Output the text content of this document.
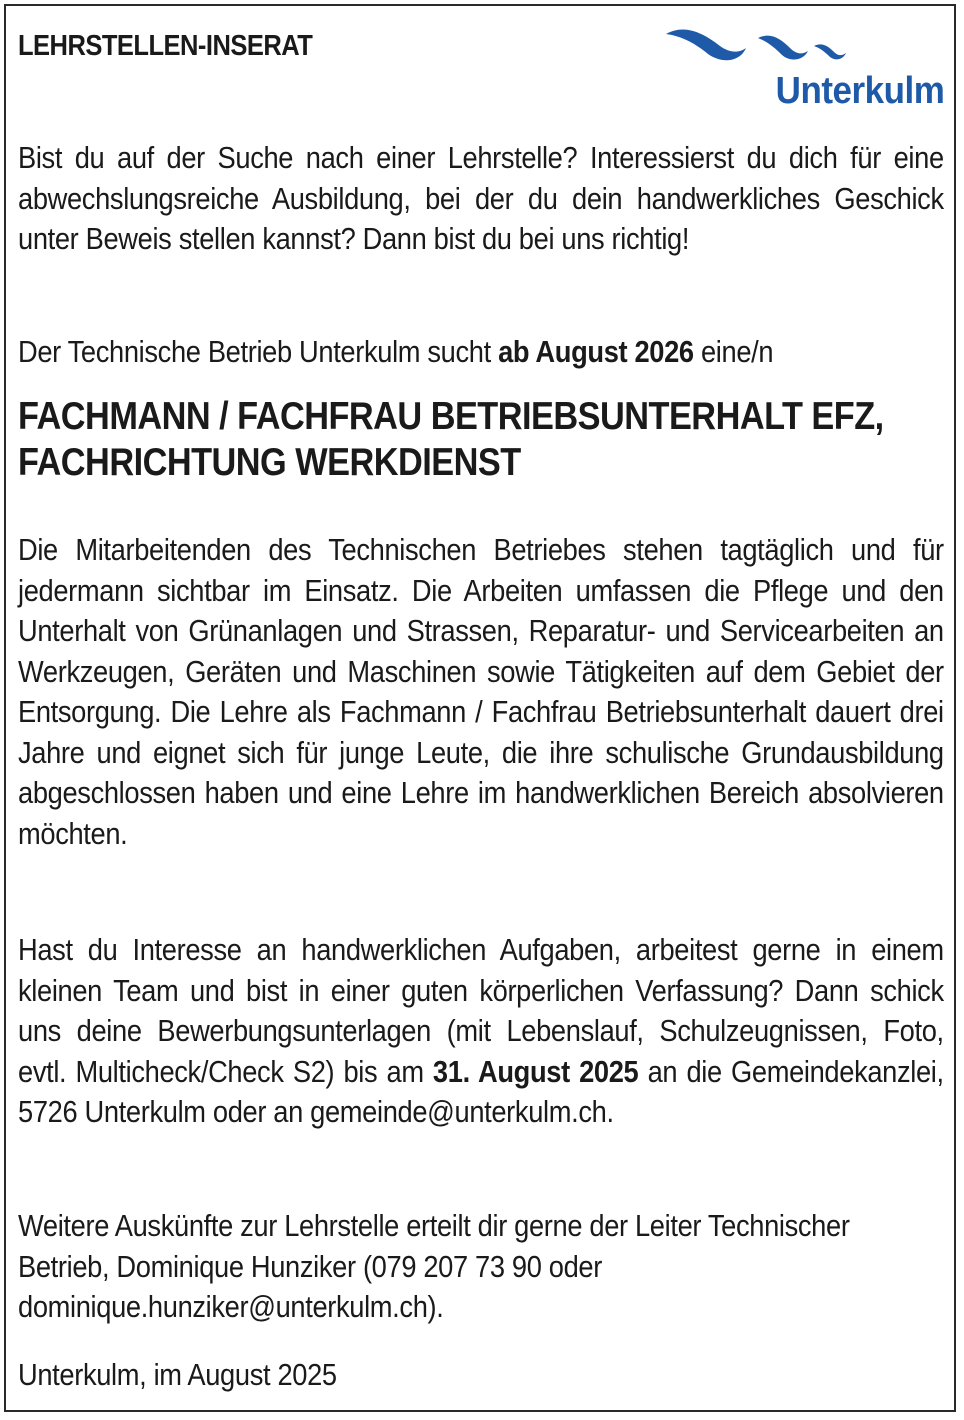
LEHRSTELLEN-INSERAT
Unterkulm

Bist du auf der Suche nach einer Lehrstelle? Interessierst du dich für eine abwechslungsreiche Ausbildung, bei der du dein handwerkliches Geschick unter Beweis stellen kannst? Dann bist du bei uns richtig!

Der Technische Betrieb Unterkulm sucht ab August 2026 eine/n

FACHMANN / FACHFRAU BETRIEBSUNTERHALT EFZ,
FACHRICHTUNG WERKDIENST

Die Mitarbeitenden des Technischen Betriebes stehen tagtäglich und für jedermann sichtbar im Einsatz. Die Arbeiten umfassen die Pflege und den Unterhalt von Grünanlagen und Strassen, Reparatur- und Servicearbeiten an Werkzeugen, Geräten und Maschinen sowie Tätigkeiten auf dem Gebiet der Entsorgung. Die Lehre als Fachmann / Fachfrau Betriebsunterhalt dauert drei Jahre und eignet sich für junge Leute, die ihre schulische Grundausbildung abgeschlossen haben und eine Lehre im handwerklichen Bereich absolvieren möchten.

Hast du Interesse an handwerklichen Aufgaben, arbeitest gerne in einem kleinen Team und bist in einer guten körperlichen Verfassung? Dann schick uns deine Bewerbungsunterlagen (mit Lebenslauf, Schulzeugnissen, Foto, evtl. Multicheck/Check S2) bis am 31. August 2025 an die Gemeindekanzlei, 5726 Unterkulm oder an gemeinde@unterkulm.ch.

Weitere Auskünfte zur Lehrstelle erteilt dir gerne der Leiter Technischer Betrieb, Dominique Hunziker (079 207 73 90 oder
dominique.hunziker@unterkulm.ch).

Unterkulm, im August 2025
